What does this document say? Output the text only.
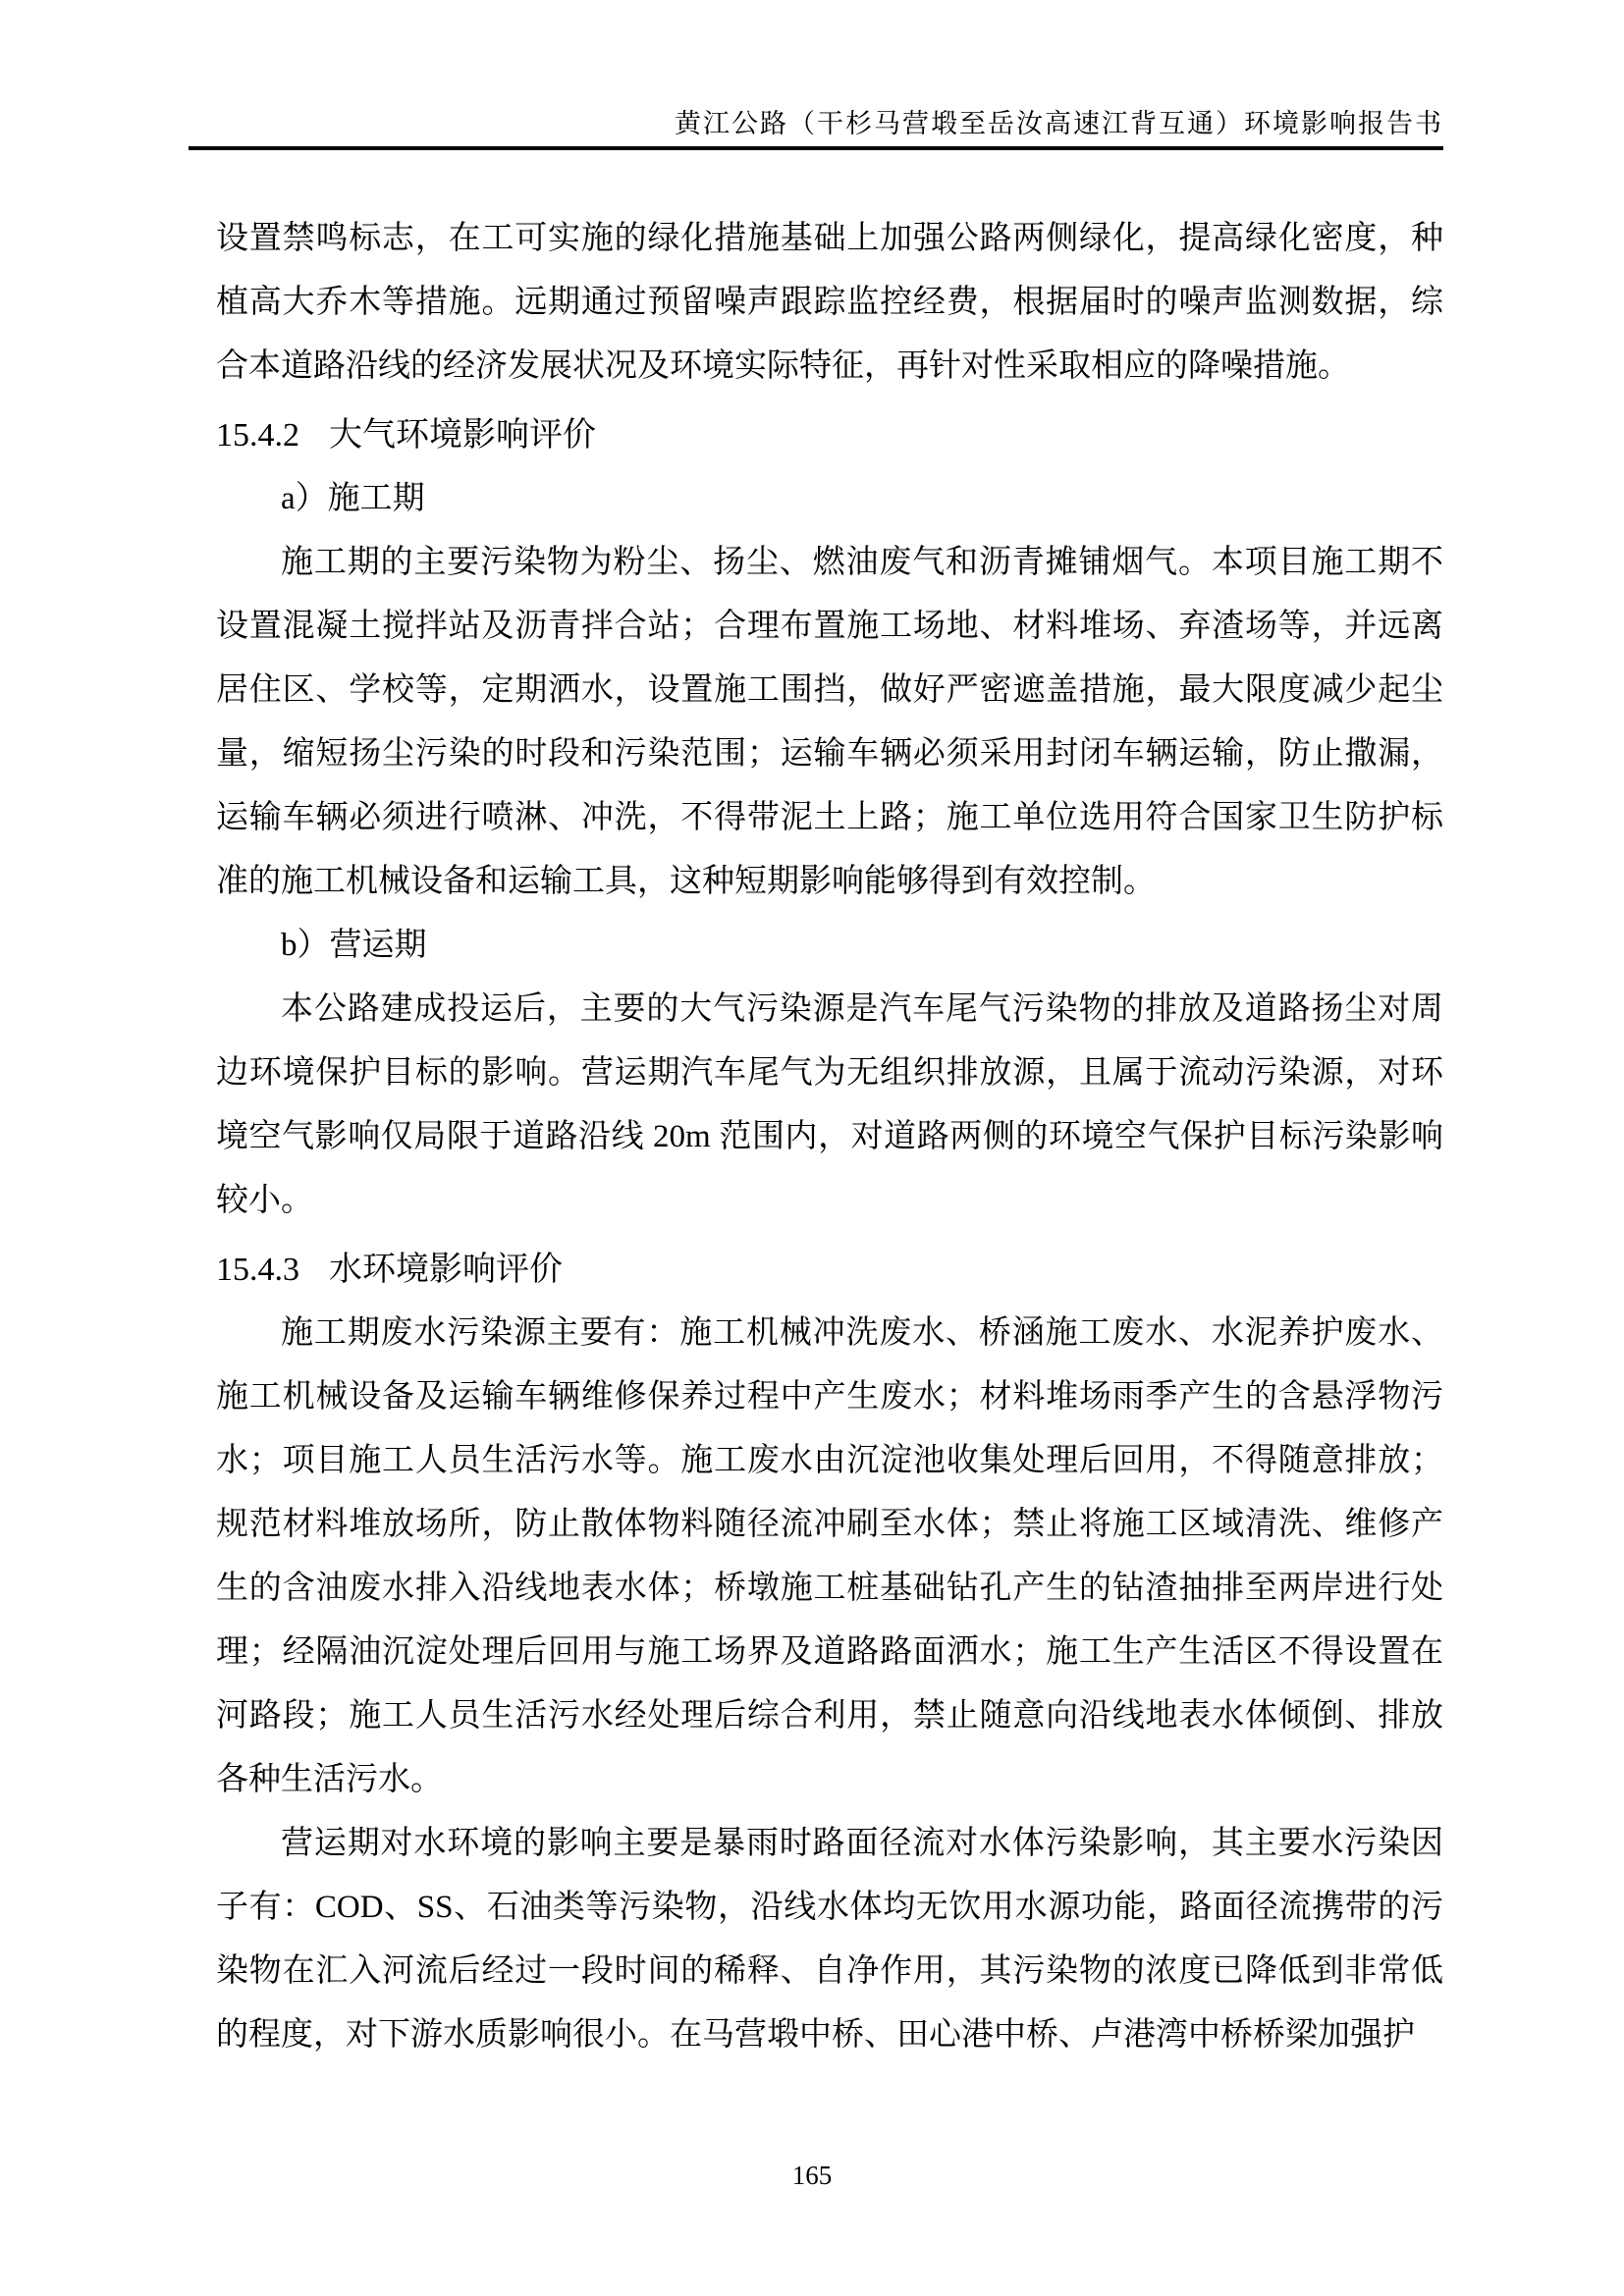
黄江公路（干杉马营塅至岳汝高速江背互通）环境影响报告书

设置禁鸣标志，在工可实施的绿化措施基础上加强公路两侧绿化，提高绿化密度，种植高大乔木等措施。远期通过预留噪声跟踪监控经费，根据届时的噪声监测数据，综合本道路沿线的经济发展状况及环境实际特征，再针对性采取相应的降噪措施。

15.4.2 大气环境影响评价

a）施工期

施工期的主要污染物为粉尘、扬尘、燃油废气和沥青摊铺烟气。本项目施工期不设置混凝土搅拌站及沥青拌合站；合理布置施工场地、材料堆场、弃渣场等，并远离居住区、学校等，定期洒水，设置施工围挡，做好严密遮盖措施，最大限度减少起尘量，缩短扬尘污染的时段和污染范围；运输车辆必须采用封闭车辆运输，防止撒漏，运输车辆必须进行喷淋、冲洗，不得带泥土上路；施工单位选用符合国家卫生防护标准的施工机械设备和运输工具，这种短期影响能够得到有效控制。

b）营运期

本公路建成投运后，主要的大气污染源是汽车尾气污染物的排放及道路扬尘对周边环境保护目标的影响。营运期汽车尾气为无组织排放源，且属于流动污染源，对环境空气影响仅局限于道路沿线 20m 范围内，对道路两侧的环境空气保护目标污染影响较小。

15.4.3 水环境影响评价

施工期废水污染源主要有：施工机械冲洗废水、桥涵施工废水、水泥养护废水、施工机械设备及运输车辆维修保养过程中产生废水；材料堆场雨季产生的含悬浮物污水；项目施工人员生活污水等。施工废水由沉淀池收集处理后回用，不得随意排放；规范材料堆放场所，防止散体物料随径流冲刷至水体；禁止将施工区域清洗、维修产生的含油废水排入沿线地表水体；桥墩施工桩基础钻孔产生的钻渣抽排至两岸进行处理；经隔油沉淀处理后回用与施工场界及道路路面洒水；施工生产生活区不得设置在河路段；施工人员生活污水经处理后综合利用，禁止随意向沿线地表水体倾倒、排放各种生活污水。

营运期对水环境的影响主要是暴雨时路面径流对水体污染影响，其主要水污染因子有：COD、SS、石油类等污染物，沿线水体均无饮用水源功能，路面径流携带的污染物在汇入河流后经过一段时间的稀释、自净作用，其污染物的浓度已降低到非常低的程度，对下游水质影响很小。在马营塅中桥、田心港中桥、卢港湾中桥桥梁加强护

165
